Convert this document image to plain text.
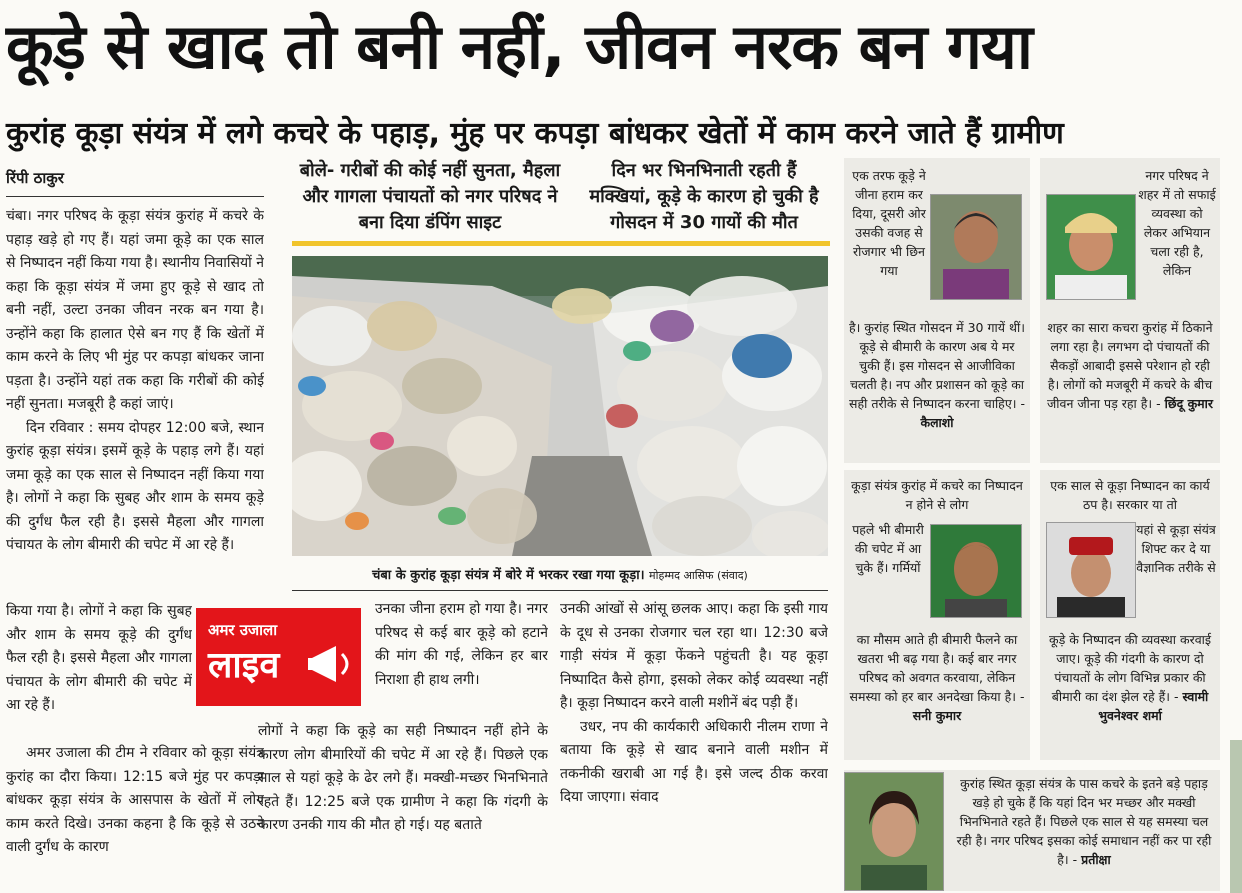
कूड़े से खाद तो बनी नहीं, जीवन नरक बन गया
कुरांह कूड़ा संयंत्र में लगे कचरे के पहाड़, मुंह पर कपड़ा बांधकर खेतों में काम करने जाते हैं ग्रामीण
रिंपी ठाकुर

चंबा। नगर परिषद के कूड़ा संयंत्र कुरांह में कचरे के पहाड़ खड़े हो गए हैं। यहां जमा कूड़े का एक साल से निष्पादन नहीं किया गया है। स्थानीय निवासियों ने कहा कि कूड़ा संयंत्र में जमा हुए कूड़े से खाद तो बनी नहीं, उल्टा उनका जीवन नरक बन गया है। उन्होंने कहा कि हालात ऐसे बन गए हैं कि खेतों में काम करने के लिए भी मुंह पर कपड़ा बांधकर जाना पड़ता है। उन्होंने यहां तक कहा कि गरीबों की कोई नहीं सुनता। मजबूरी है कहां जाएं।

दिन रविवार : समय दोपहर 12:00 बजे, स्थान कुरांह कूड़ा संयंत्र। इसमें कूड़े के पहाड़ लगे हैं। यहां जमा कूड़े का एक साल से निष्पादन नहीं किया गया है। लोगों ने कहा कि सुबह और शाम के समय कूड़े की दुर्गंध फैल रही है। इससे मैहला और गागला पंचायत के लोग बीमारी की चपेट में आ रहे हैं।

किया गया है। लोगों ने कहा कि सुबह और शाम के समय कूड़े की दुर्गंध फैल रही है। इससे मैहला और गागला पंचायत के लोग बीमारी की चपेट में आ रहे हैं।

अमर उजाला की टीम ने रविवार को कूड़ा संयंत्र कुरांह का दौरा किया। 12:15 बजे मुंह पर कपड़ा बांधकर कूड़ा संयंत्र के आसपास के खेतों में लोग काम करते दिखे। उनका कहना है कि कूड़े से उठने वाली दुर्गंध के कारण

अमर उजाला
लाइव
बोले- गरीबों की कोई नहीं सुनता, मैहला और गागला पंचायतों को नगर परिषद ने बना दिया डंपिंग साइट
दिन भर भिनभिनाती रहती हैं मक्खियां, कूड़े के कारण हो चुकी है गोसदन में 30 गायों की मौत
चंबा के कुरांह कूड़ा संयंत्र में बोरे में भरकर रखा गया कूड़ा। मोहम्मद आसिफ (संवाद)

उनका जीना हराम हो गया है। नगर परिषद से कई बार कूड़े को हटाने की मांग की गई, लेकिन हर बार निराशा ही हाथ लगी।

लोगों ने कहा कि कूड़े का सही निष्पादन नहीं होने के कारण लोग बीमारियों की चपेट में आ रहे हैं। पिछले एक साल से यहां कूड़े के ढेर लगे हैं। मक्खी-मच्छर भिनभिनाते रहते हैं। 12:25 बजे एक ग्रामीण ने कहा कि गंदगी के कारण उनकी गाय की मौत हो गई। यह बताते

उनकी आंखों से आंसू छलक आए। कहा कि इसी गाय के दूध से उनका रोजगार चल रहा था। 12:30 बजे गाड़ी संयंत्र में कूड़ा फेंकने पहुंचती है। यह कूड़ा निष्पादित कैसे होगा, इसको लेकर कोई व्यवस्था नहीं है। कूड़ा निष्पादन करने वाली मशीनें बंद पड़ी हैं।

उधर, नप की कार्यकारी अधिकारी नीलम राणा ने बताया कि कूड़े से खाद बनाने वाली मशीन में तकनीकी खराबी आ गई है। इसे जल्द ठीक करवा दिया जाएगा। संवाद

एक तरफ कूड़े ने जीना हराम कर दिया, दूसरी ओर उसकी वजह से रोजगार भी छिन गया
है। कुरांह स्थित गोसदन में 30 गायें थीं। कूड़े से बीमारी के कारण अब ये मर चुकी हैं। इस गोसदन से आजीविका चलती है। नप और प्रशासन को कूड़े का सही तरीके से निष्पादन करना चाहिए। - कैलाशो
नगर परिषद ने शहर में तो सफाई व्यवस्था को लेकर अभियान चला रही है, लेकिन
शहर का सारा कचरा कुरांह में ठिकाने लगा रहा है। लगभग दो पंचायतों की सैकड़ों आबादी इससे परेशान हो रही है। लोगों को मजबूरी में कचरे के बीच जीवन जीना पड़ रहा है। - छिंदू कुमार
कूड़ा संयंत्र कुरांह में कचरे का निष्पादन न होने से लोग
पहले भी बीमारी की चपेट में आ चुके हैं। गर्मियों
का मौसम आते ही बीमारी फैलने का खतरा भी बढ़ गया है। कई बार नगर परिषद को अवगत करवाया, लेकिन समस्या को हर बार अनदेखा किया है। - सनी कुमार
एक साल से कूड़ा निष्पादन का कार्य ठप है। सरकार या तो
यहां से कूड़ा संयंत्र शिफ्ट कर दे या वैज्ञानिक तरीके से
कूड़े के निष्पादन की व्यवस्था करवाई जाए। कूड़े की गंदगी के कारण दो पंचायतों के लोग विभिन्न प्रकार की बीमारी का दंश झेल रहे हैं। - स्वामी भुवनेश्वर शर्मा
कुरांह स्थित कूड़ा संयंत्र के पास कचरे के इतने बड़े पहाड़ खड़े हो चुके हैं कि यहां दिन भर मच्छर और मक्खी भिनभिनाते रहते हैं। पिछले एक साल से यह समस्या चल रही है। नगर परिषद इसका कोई समाधान नहीं कर पा रही है। - प्रतीक्षा
